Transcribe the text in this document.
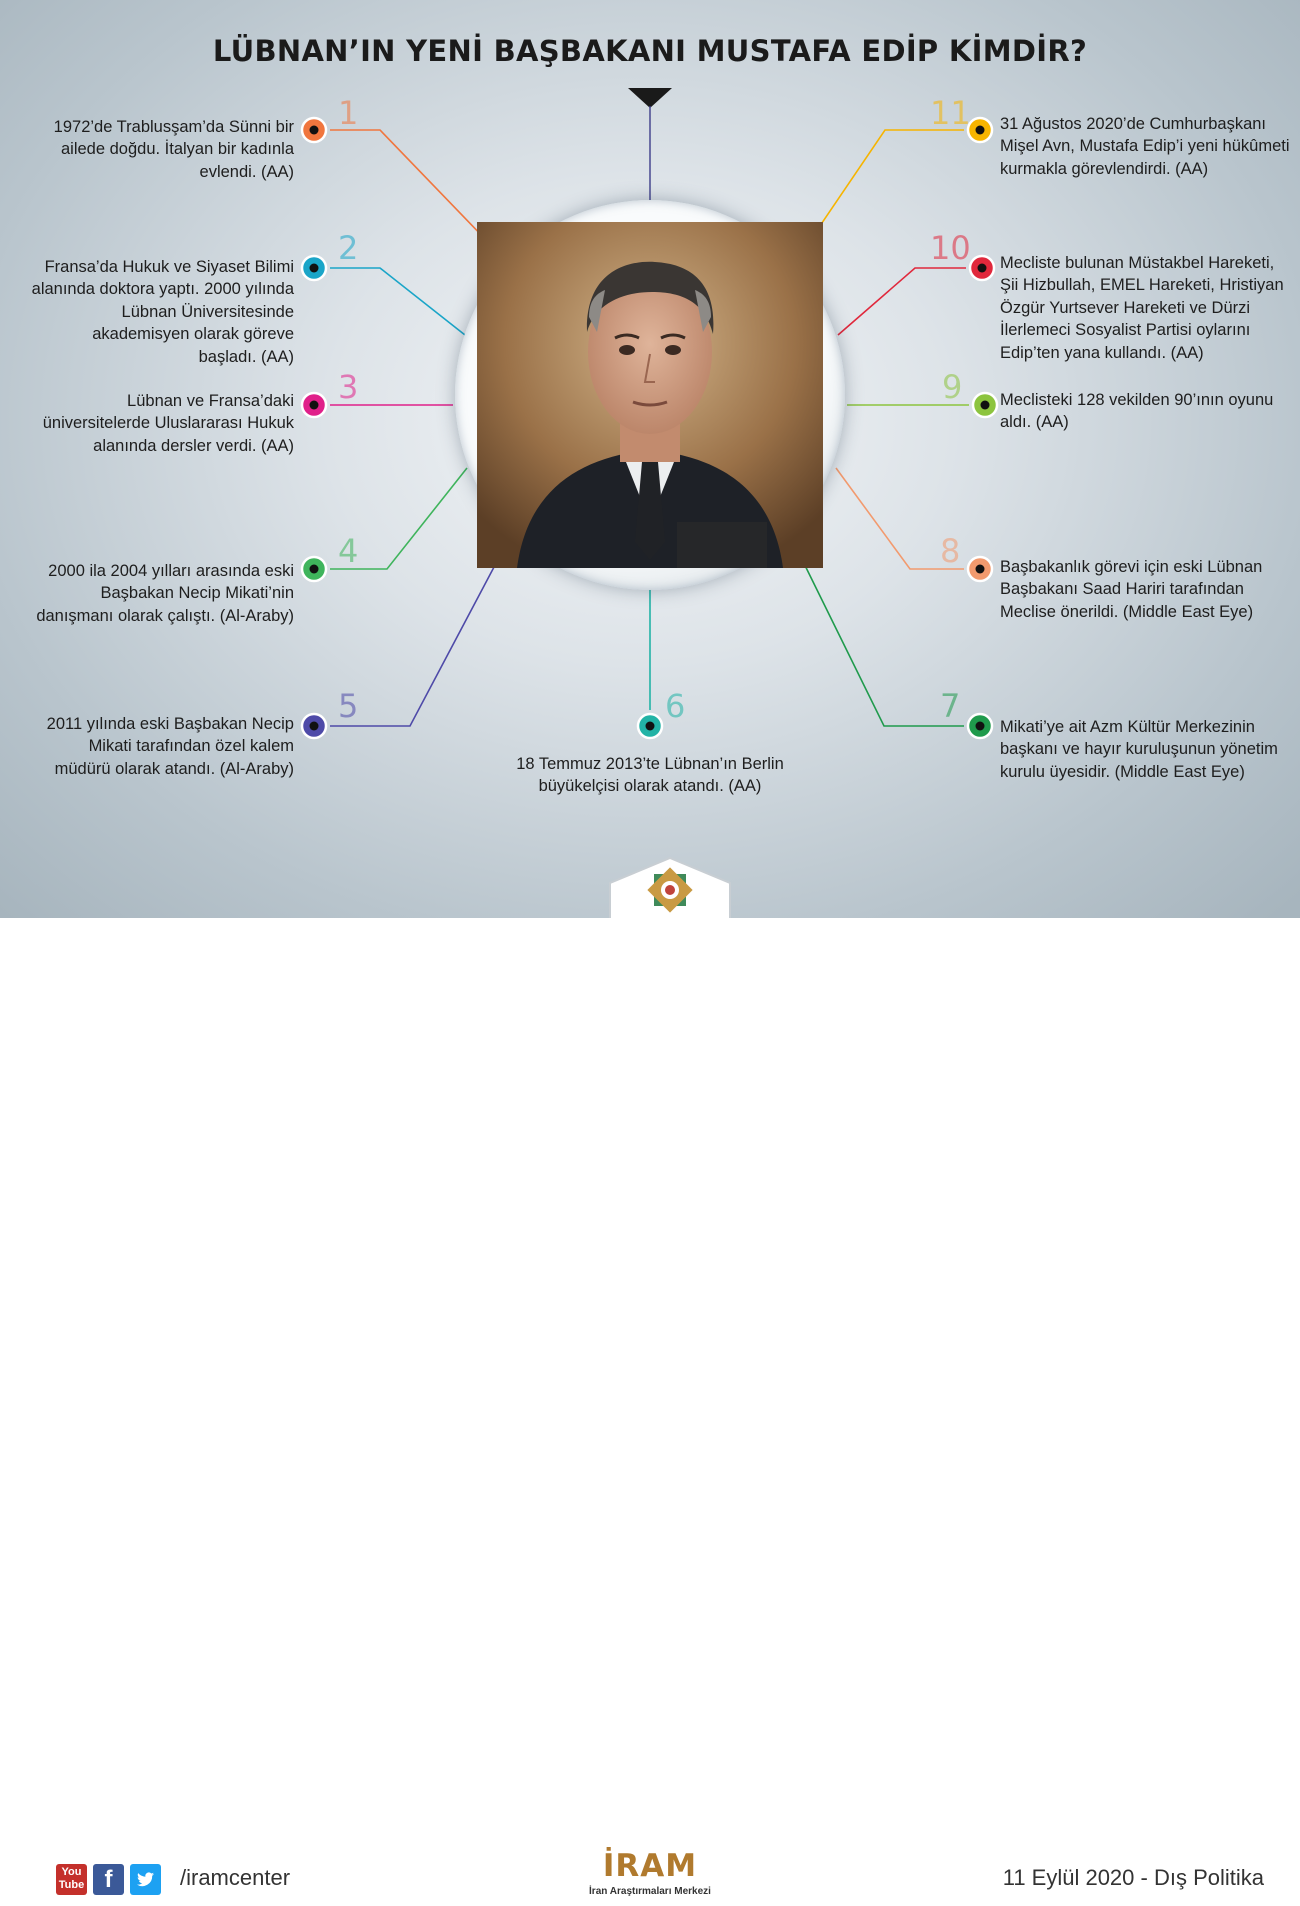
LÜBNAN’IN YENİ BAŞBAKANI MUSTAFA EDİP KİMDİR?
1

1972’de Trablusşam’da Sünni bir ailede doğdu. İtalyan bir kadınla evlendi. (AA)

2

Fransa’da Hukuk ve Siyaset Bilimi alanında doktora yaptı. 2000 yılında Lübnan Üniversitesinde akademisyen olarak göreve başladı. (AA)

3

Lübnan ve Fransa’daki üniversitelerde Uluslararası Hukuk alanında dersler verdi. (AA)

4

2000 ila 2004 yılları arasında eski Başbakan Necip Mikati’nin danışmanı olarak çalıştı. (Al-Araby)

5

2011 yılında eski Başbakan Necip Mikati tarafından özel kalem müdürü olarak atandı. (Al-Araby)

6

18 Temmuz 2013’te Lübnan’ın Berlin büyükelçisi olarak atandı. (AA)

7

Mikati’ye ait Azm Kültür Merkezinin başkanı ve hayır kuruluşunun yönetim kurulu üyesidir. (Middle East Eye)

8 Başbakanlık görevi için eski Lübnan Başbakanı Saad Hariri tarafından Meclise önerildi. (Middle East Eye)

9 Meclisteki 128 vekilden 90’ının oyunu aldı. (AA)

10 Mecliste bulunan Müstakbel Hareketi, Şii Hizbullah, EMEL Hareketi, Hristiyan Özgür Yurtsever Hareketi ve Dürzi İlerlemeci Sosyalist Partisi oylarını Edip’ten yana kullandı. (AA)

11 31 Ağustos 2020’de Cumhurbaşkanı Mişel Avn, Mustafa Edip’i yeni hükûmeti kurmakla görevlendirdi. (AA)

You Tube f	/iramcenter	İRAM

İran Araştırmaları Merkezi

11 Eylül 2020 - Dış Politika
